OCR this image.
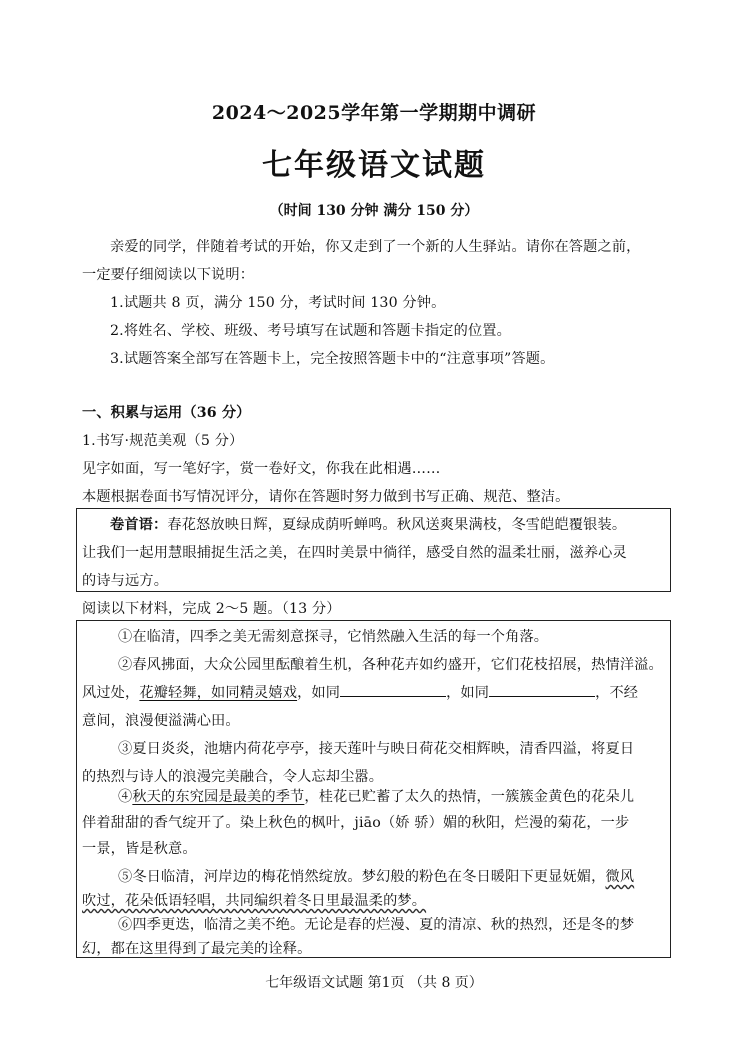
2024～2025学年第一学期期中调研
七年级语文试题
（时间 130 分钟 满分 150 分）
亲爱的同学，伴随着考试的开始，你又走到了一个新的人生驿站。请你在答题之前，
一定要仔细阅读以下说明：
1.试题共 8 页，满分 150 分，考试时间 130 分钟。
2.将姓名、学校、班级、考号填写在试题和答题卡指定的位置。
3.试题答案全部写在答题卡上，完全按照答题卡中的“注意事项”答题。
一、积累与运用（36 分）
1.书写·规范美观（5 分）
见字如面，写一笔好字，赏一卷好文，你我在此相遇……
本题根据卷面书写情况评分，请你在答题时努力做到书写正确、规范、整洁。
卷首语：春花怒放映日辉，夏绿成荫听蝉鸣。秋风送爽果满枝，冬雪皑皑覆银装。
让我们一起用慧眼捕捉生活之美，在四时美景中徜徉，感受自然的温柔壮丽，滋养心灵
的诗与远方。
阅读以下材料，完成 2～5 题。（13 分）
①在临清，四季之美无需刻意探寻，它悄然融入生活的每一个角落。
②春风拂面，大众公园里酝酿着生机，各种花卉如约盛开，它们花枝招展，热情洋溢。
风过处，花瓣轻舞，如同精灵嬉戏，如同	，如同	，不经
意间，浪漫便溢满心田。
③夏日炎炎，池塘内荷花亭亭，接天莲叶与映日荷花交相辉映，清香四溢，将夏日
的热烈与诗人的浪漫完美融合，令人忘却尘嚣。
④秋天的东究园是最美的季节，桂花已贮蓄了太久的热情，一簇簇金黄色的花朵儿
伴着甜甜的香气绽开了。染上秋色的枫叶，jiāo（娇 骄）媚的秋阳，烂漫的菊花，一步
一景，皆是秋意。
⑤冬日临清，河岸边的梅花悄然绽放。梦幻般的粉色在冬日暖阳下更显妩媚，微风
吹过，花朵低语轻唱，共同编织着冬日里最温柔的梦。
⑥四季更迭，临清之美不绝。无论是春的烂漫、夏的清凉、秋的热烈，还是冬的梦
七年级语文试题 第1页 （共 8 页）
幻，都在这里得到了最完美的诠释。
